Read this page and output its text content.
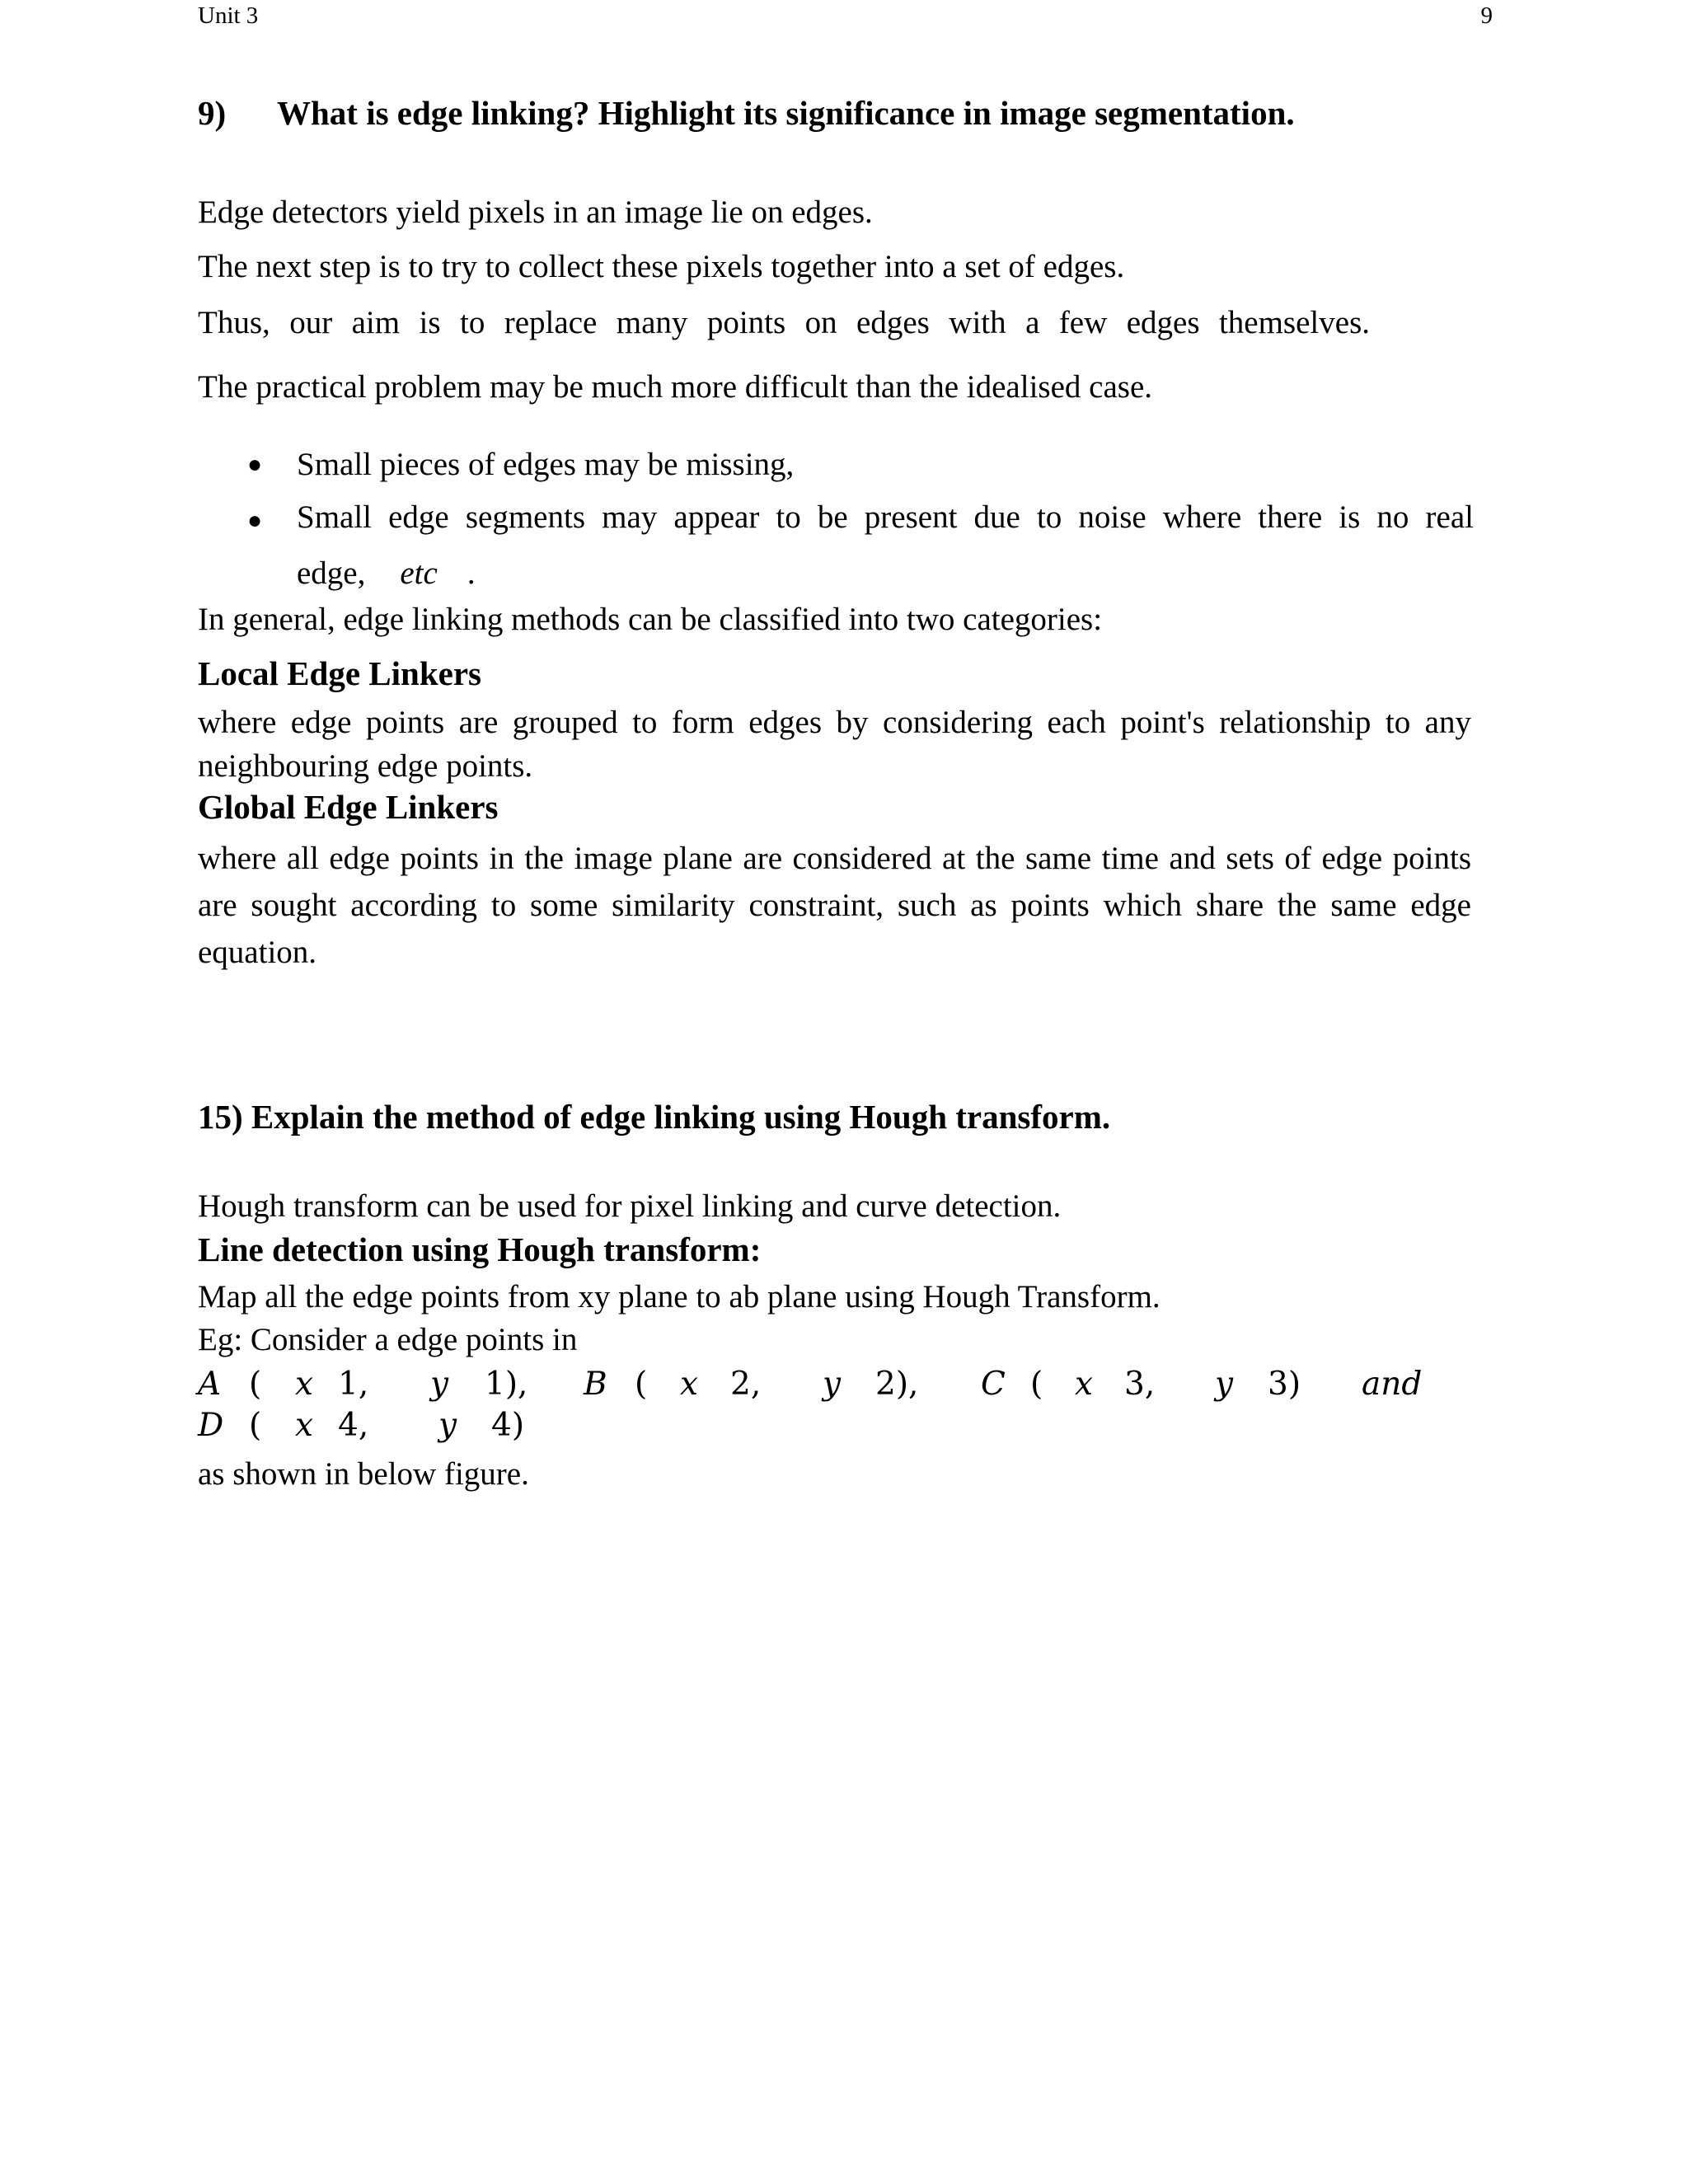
Unit 3	9
9) What is edge linking? Highlight its significance in image segmentation.

Edge detectors yield pixels in an image lie on edges.

The next step is to try to collect these pixels together into a set of edges.

Thus, our aim is to replace many points on edges with a few edges themselves.

The practical problem may be much more difficult than the idealised case.

● Small pieces of edges may be missing,
● Small edge segments may appear to be present due to noise where there is no real edge, etc .

In general, edge linking methods can be classified into two categories:

Local Edge Linkers

where edge points are grouped to form edges by considering each point's relationship to any neighbouring edge points.

Global Edge Linkers

where all edge points in the image plane are considered at the same time and sets of edge points are sought according to some similarity constraint, such as points which share the same edge equation.

15) Explain the method of edge linking using Hough transform.

Hough transform can be used for pixel linking and curve detection.

Line detection using Hough transform:

Map all the edge points from xy plane to ab plane using Hough Transform.

Eg: Consider a edge points in

A ( x 1, y 1), B ( x 2, y 2), C ( x 3, y 3) and
D ( x 4, y 4)

as shown in below figure.
